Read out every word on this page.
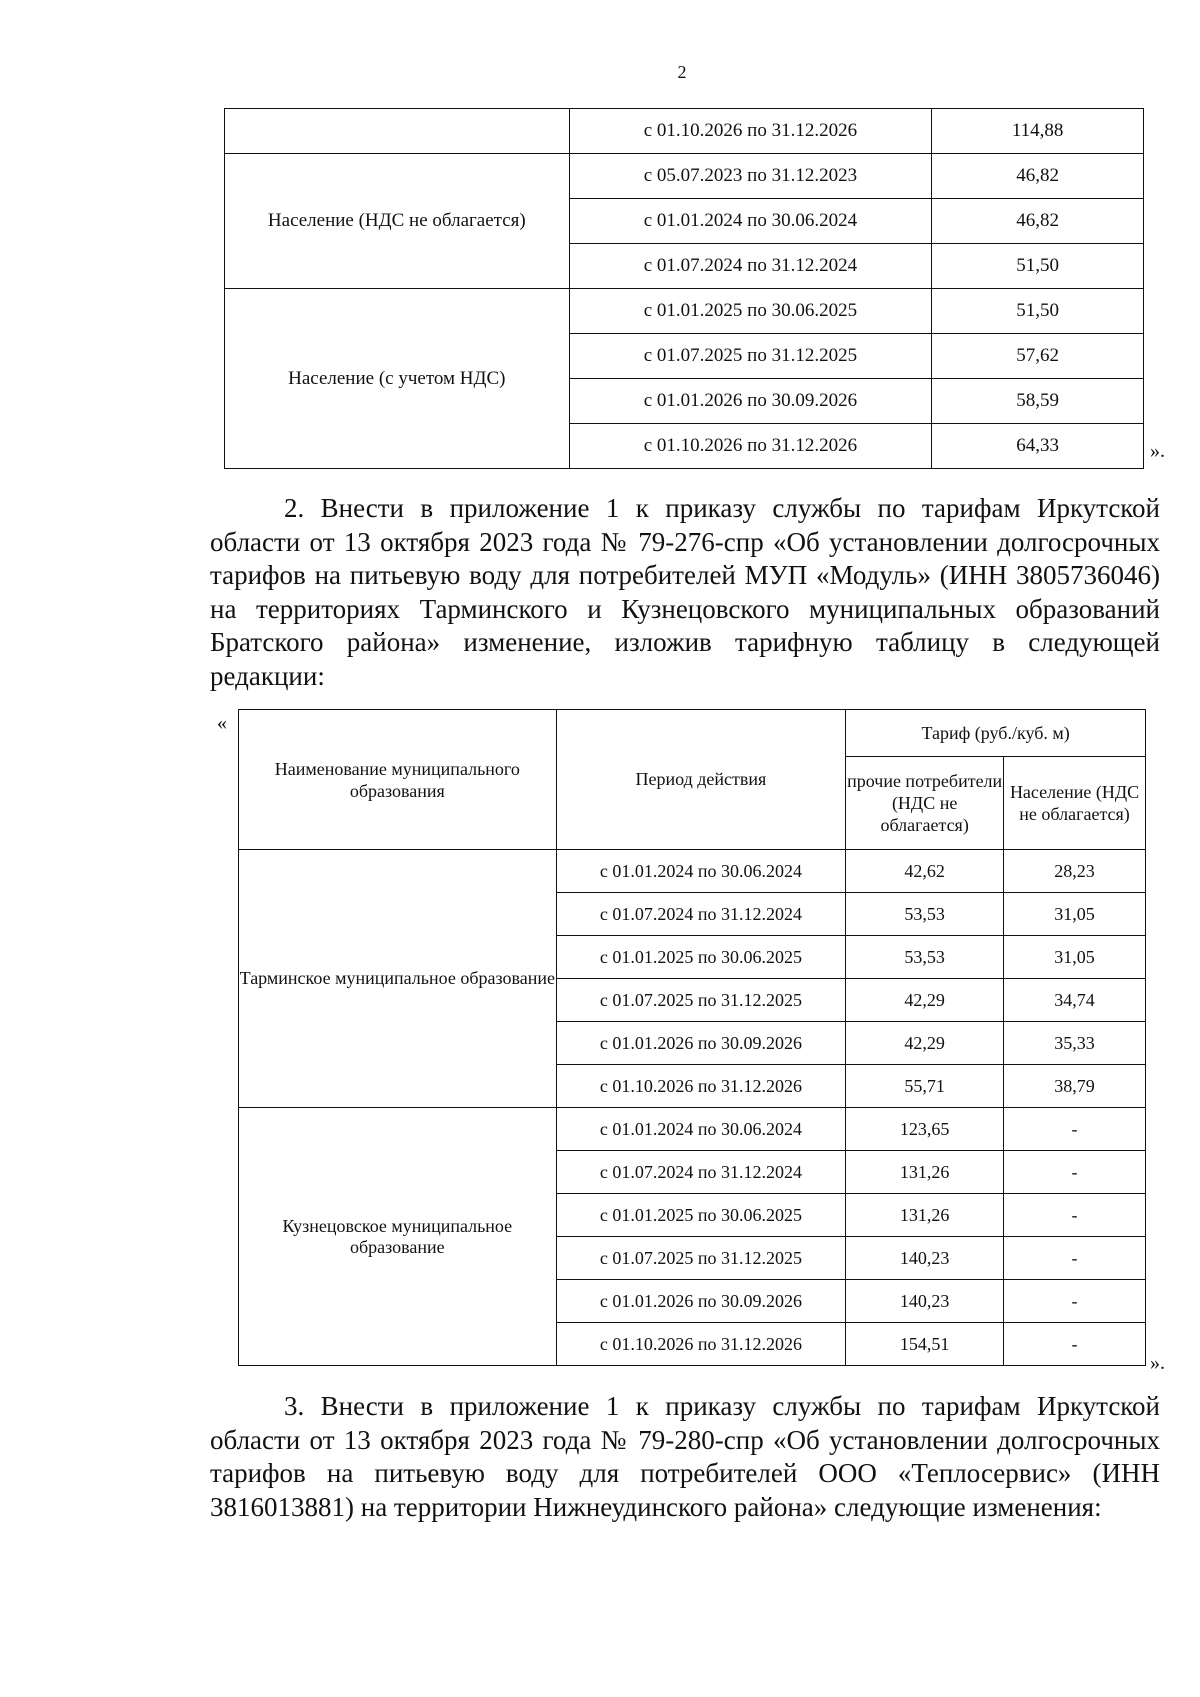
2
	с 01.10.2026 по 31.12.2026	114,88
Население (НДС не облагается)	с 05.07.2023 по 31.12.2023	46,82
	с 01.01.2024 по 30.06.2024	46,82
	с 01.07.2024 по 31.12.2024	51,50
Население (с учетом НДС)	с 01.01.2025 по 30.06.2025	51,50
	с 01.07.2025 по 31.12.2025	57,62
	с 01.01.2026 по 30.09.2026	58,59
	с 01.10.2026 по 31.12.2026	64,33	».
2. Внести в приложение 1 к приказу службы по тарифам Иркутской области от 13 октября 2023 года № 79-276-спр «Об установлении долгосрочных тарифов на питьевую воду для потребителей МУП «Модуль» (ИНН 3805736046) на территориях Тарминского и Кузнецовского муниципальных образований Братского района» изменение, изложив тарифную таблицу в следующей редакции:
«
Наименование муниципального образования	Период действия	Тариф (руб./куб. м)	
		прочие потребители (НДС не облагается)	Население (НДС не облагается)
Тарминское муниципальное образование	с 01.01.2024 по 30.06.2024	42,62	28,23
	с 01.07.2024 по 31.12.2024	53,53	31,05
	с 01.01.2025 по 30.06.2025	53,53	31,05
	с 01.07.2025 по 31.12.2025	42,29	34,74
	с 01.01.2026 по 30.09.2026	42,29	35,33
	с 01.10.2026 по 31.12.2026	55,71	38,79
Кузнецовское муниципальное образование	с 01.01.2024 по 30.06.2024	123,65	-
	с 01.07.2024 по 31.12.2024	131,26	-
	с 01.01.2025 по 30.06.2025	131,26	-
	с 01.07.2025 по 31.12.2025	140,23	-
	с 01.01.2026 по 30.09.2026	140,23	-
	с 01.10.2026 по 31.12.2026	154,51	-
».
3. Внести в приложение 1 к приказу службы по тарифам Иркутской области от 13 октября 2023 года № 79-280-спр «Об установлении долгосрочных тарифов на питьевую воду для потребителей ООО «Теплосервис» (ИНН 3816013881) на территории Нижнеудинского района» следующие изменения:
